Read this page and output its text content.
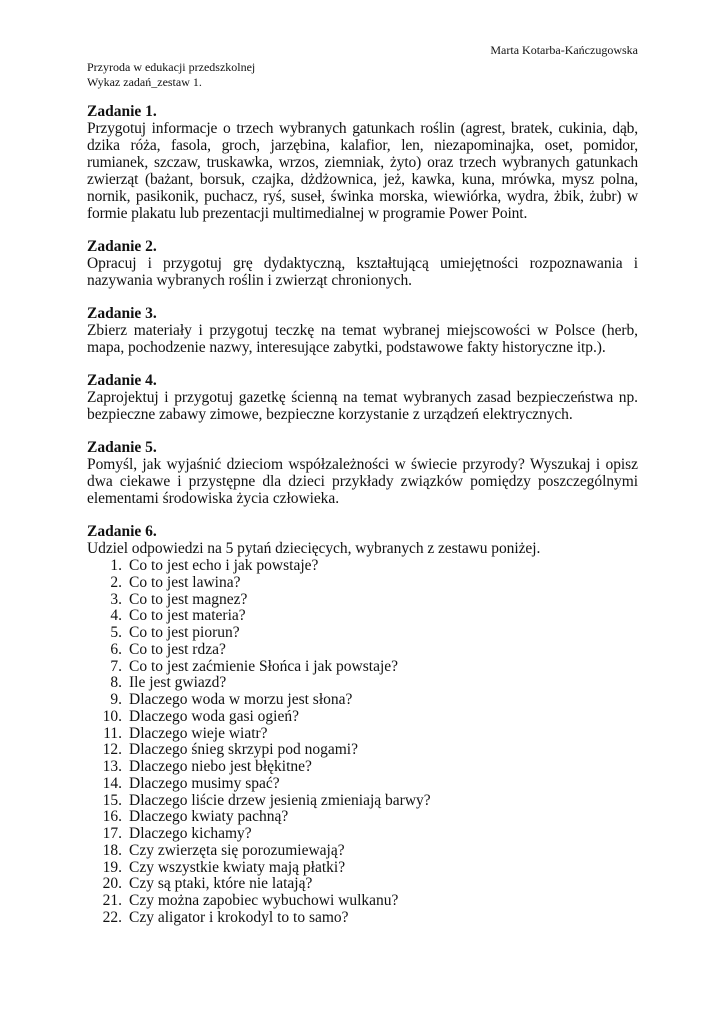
Marta Kotarba-Kańczugowska
Przyroda w edukacji przedszkolnej
Wykaz zadań_zestaw 1.
Zadanie 1.
Przygotuj informacje o trzech wybranych gatunkach roślin (agrest, bratek, cukinia, dąb, dzika róża, fasola, groch, jarzębina, kalafior, len, niezapominajka, oset, pomidor, rumianek, szczaw, truskawka, wrzos, ziemniak, żyto) oraz trzech wybranych gatunkach zwierząt (bażant, borsuk, czajka, dżdżownica, jeż, kawka, kuna, mrówka, mysz polna, nornik, pasikonik, puchacz, ryś, suseł, świnka morska, wiewiórka, wydra, żbik, żubr) w formie plakatu lub prezentacji multimedialnej w programie Power Point.
Zadanie 2.
Opracuj i przygotuj grę dydaktyczną, kształtującą umiejętności rozpoznawania i nazywania wybranych roślin i zwierząt chronionych.
Zadanie 3.
Zbierz materiały i przygotuj teczkę na temat wybranej miejscowości w Polsce (herb, mapa, pochodzenie nazwy, interesujące zabytki, podstawowe fakty historyczne itp.).
Zadanie 4.
Zaprojektuj i przygotuj gazetkę ścienną na temat wybranych zasad bezpieczeństwa np. bezpieczne zabawy zimowe, bezpieczne korzystanie z urządzeń elektrycznych.
Zadanie 5.
Pomyśl, jak wyjaśnić dzieciom współzależności w świecie przyrody? Wyszukaj i opisz dwa ciekawe i przystępne dla dzieci przykłady związków pomiędzy poszczególnymi elementami środowiska życia człowieka.
Zadanie 6.
Udziel odpowiedzi na 5 pytań dziecięcych, wybranych z zestawu poniżej.
1. Co to jest echo i jak powstaje?
2. Co to jest lawina?
3. Co to jest magnez?
4. Co to jest materia?
5. Co to jest piorun?
6. Co to jest rdza?
7. Co to jest zaćmienie Słońca i jak powstaje?
8. Ile jest gwiazd?
9. Dlaczego woda w morzu jest słona?
10. Dlaczego woda gasi ogień?
11. Dlaczego wieje wiatr?
12. Dlaczego śnieg skrzypi pod nogami?
13. Dlaczego niebo jest błękitne?
14. Dlaczego musimy spać?
15. Dlaczego liście drzew jesienią zmieniają barwy?
16. Dlaczego kwiaty pachną?
17. Dlaczego kichamy?
18. Czy zwierzęta się porozumiewają?
19. Czy wszystkie kwiaty mają płatki?
20. Czy są ptaki, które nie latają?
21. Czy można zapobiec wybuchowi wulkanu?
22. Czy aligator i krokodyl to to samo?
